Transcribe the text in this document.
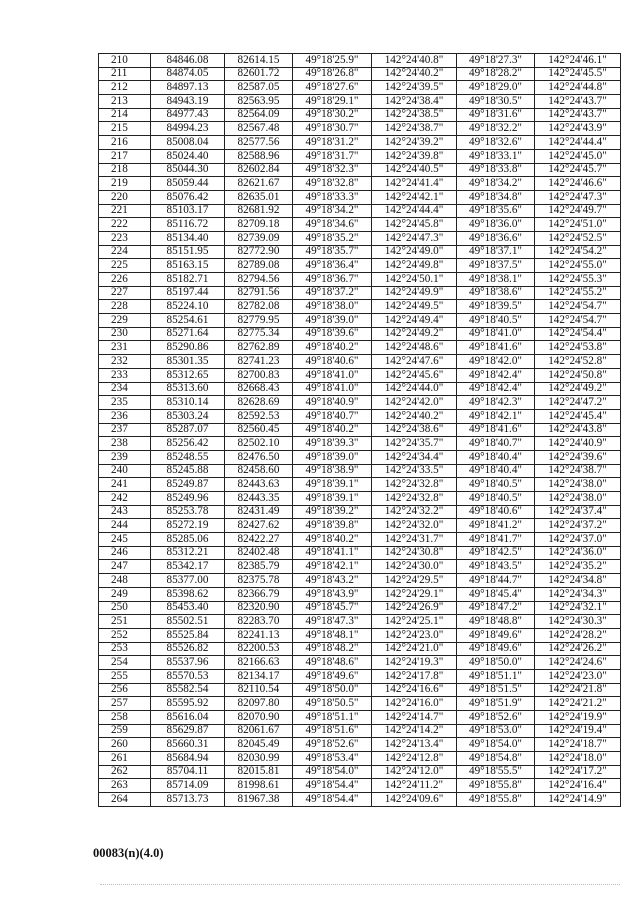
210	84846.08	82614.15	49°18'25.9"	142°24'40.8"	49°18'27.3"	142°24'46.1"
211	84874.05	82601.72	49°18'26.8"	142°24'40.2"	49°18'28.2"	142°24'45.5"
212	84897.13	82587.05	49°18'27.6"	142°24'39.5"	49°18'29.0"	142°24'44.8"
213	84943.19	82563.95	49°18'29.1"	142°24'38.4"	49°18'30.5"	142°24'43.7"
214	84977.43	82564.09	49°18'30.2"	142°24'38.5"	49°18'31.6"	142°24'43.7"
215	84994.23	82567.48	49°18'30.7"	142°24'38.7"	49°18'32.2"	142°24'43.9"
216	85008.04	82577.56	49°18'31.2"	142°24'39.2"	49°18'32.6"	142°24'44.4"
217	85024.40	82588.96	49°18'31.7"	142°24'39.8"	49°18'33.1"	142°24'45.0"
218	85044.30	82602.84	49°18'32.3"	142°24'40.5"	49°18'33.8"	142°24'45.7"
219	85059.44	82621.67	49°18'32.8"	142°24'41.4"	49°18'34.2"	142°24'46.6"
220	85076.42	82635.01	49°18'33.3"	142°24'42.1"	49°18'34.8"	142°24'47.3"
221	85103.17	82681.92	49°18'34.2"	142°24'44.4"	49°18'35.6"	142°24'49.7"
222	85116.72	82709.18	49°18'34.6"	142°24'45.8"	49°18'36.0"	142°24'51.0"
223	85134.40	82739.09	49°18'35.2"	142°24'47.3"	49°18'36.6"	142°24'52.5"
224	85151.95	82772.90	49°18'35.7"	142°24'49.0"	49°18'37.1"	142°24'54.2"
225	85163.15	82789.08	49°18'36.4"	142°24'49.8"	49°18'37.5"	142°24'55.0"
226	85182.71	82794.56	49°18'36.7"	142°24'50.1"	49°18'38.1"	142°24'55.3"
227	85197.44	82791.56	49°18'37.2"	142°24'49.9"	49°18'38.6"	142°24'55.2"
228	85224.10	82782.08	49°18'38.0"	142°24'49.5"	49°18'39.5"	142°24'54.7"
229	85254.61	82779.95	49°18'39.0"	142°24'49.4"	49°18'40.5"	142°24'54.7"
230	85271.64	82775.34	49°18'39.6"	142°24'49.2"	49°18'41.0"	142°24'54.4"
231	85290.86	82762.89	49°18'40.2"	142°24'48.6"	49°18'41.6"	142°24'53.8"
232	85301.35	82741.23	49°18'40.6"	142°24'47.6"	49°18'42.0"	142°24'52.8"
233	85312.65	82700.83	49°18'41.0"	142°24'45.6"	49°18'42.4"	142°24'50.8"
234	85313.60	82668.43	49°18'41.0"	142°24'44.0"	49°18'42.4"	142°24'49.2"
235	85310.14	82628.69	49°18'40.9"	142°24'42.0"	49°18'42.3"	142°24'47.2"
236	85303.24	82592.53	49°18'40.7"	142°24'40.2"	49°18'42.1"	142°24'45.4"
237	85287.07	82560.45	49°18'40.2"	142°24'38.6"	49°18'41.6"	142°24'43.8"
238	85256.42	82502.10	49°18'39.3"	142°24'35.7"	49°18'40.7"	142°24'40.9"
239	85248.55	82476.50	49°18'39.0"	142°24'34.4"	49°18'40.4"	142°24'39.6"
240	85245.88	82458.60	49°18'38.9"	142°24'33.5"	49°18'40.4"	142°24'38.7"
241	85249.87	82443.63	49°18'39.1"	142°24'32.8"	49°18'40.5"	142°24'38.0"
242	85249.96	82443.35	49°18'39.1"	142°24'32.8"	49°18'40.5"	142°24'38.0"
243	85253.78	82431.49	49°18'39.2"	142°24'32.2"	49°18'40.6"	142°24'37.4"
244	85272.19	82427.62	49°18'39.8"	142°24'32.0"	49°18'41.2"	142°24'37.2"
245	85285.06	82422.27	49°18'40.2"	142°24'31.7"	49°18'41.7"	142°24'37.0"
246	85312.21	82402.48	49°18'41.1"	142°24'30.8"	49°18'42.5"	142°24'36.0"
247	85342.17	82385.79	49°18'42.1"	142°24'30.0"	49°18'43.5"	142°24'35.2"
248	85377.00	82375.78	49°18'43.2"	142°24'29.5"	49°18'44.7"	142°24'34.8"
249	85398.62	82366.79	49°18'43.9"	142°24'29.1"	49°18'45.4"	142°24'34.3"
250	85453.40	82320.90	49°18'45.7"	142°24'26.9"	49°18'47.2"	142°24'32.1"
251	85502.51	82283.70	49°18'47.3"	142°24'25.1"	49°18'48.8"	142°24'30.3"
252	85525.84	82241.13	49°18'48.1"	142°24'23.0"	49°18'49.6"	142°24'28.2"
253	85526.82	82200.53	49°18'48.2"	142°24'21.0"	49°18'49.6"	142°24'26.2"
254	85537.96	82166.63	49°18'48.6"	142°24'19.3"	49°18'50.0"	142°24'24.6"
255	85570.53	82134.17	49°18'49.6"	142°24'17.8"	49°18'51.1"	142°24'23.0"
256	85582.54	82110.54	49°18'50.0"	142°24'16.6"	49°18'51.5"	142°24'21.8"
257	85595.92	82097.80	49°18'50.5"	142°24'16.0"	49°18'51.9"	142°24'21.2"
258	85616.04	82070.90	49°18'51.1"	142°24'14.7"	49°18'52.6"	142°24'19.9"
259	85629.87	82061.67	49°18'51.6"	142°24'14.2"	49°18'53.0"	142°24'19.4"
260	85660.31	82045.49	49°18'52.6"	142°24'13.4"	49°18'54.0"	142°24'18.7"
261	85684.94	82030.99	49°18'53.4"	142°24'12.8"	49°18'54.8"	142°24'18.0"
262	85704.11	82015.81	49°18'54.0"	142°24'12.0"	49°18'55.5"	142°24'17.2"
263	85714.09	81998.61	49°18'54.4"	142°24'11.2"	49°18'55.8"	142°24'16.4"
264	85713.73	81967.38	49°18'54.4"	142°24'09.6"	49°18'55.8"	142°24'14.9"
00083(n)(4.0)
